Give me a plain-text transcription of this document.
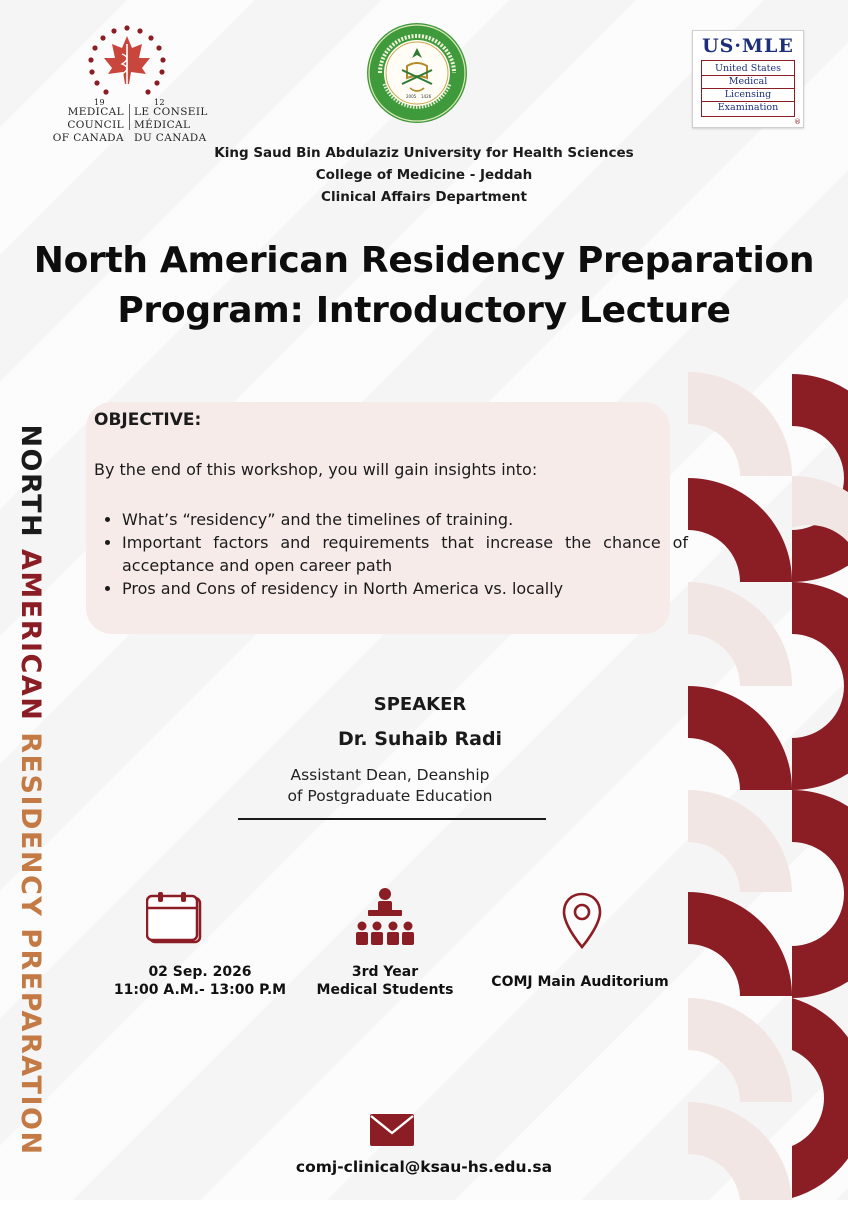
19	12
MEDICAL COUNCIL
OF CANADA
LE CONSEIL MÉDICAL
DU CANADA
2005 1426
US·MLE
United States
Medical
Licensing
Examination
®
King Saud Bin Abdulaziz University for Health Sciences
College of Medicine - Jeddah
Clinical Affairs Department
North American Residency Preparation
Program: Introductory Lecture
NORTH AMERICAN RESIDENCY PREPARATION
OBJECTIVE:
By the end of this workshop, you will gain insights into:
• What’s “residency” and the timelines of training.
• Important factors and requirements that increase the chance of acceptance and open career path
• Pros and Cons of residency in North America vs. locally
SPEAKER
Dr. Suhaib Radi
Assistant Dean, Deanship
of Postgraduate Education
02 Sep. 2026
11:00 A.M.- 13:00 P.M
3rd Year
Medical Students	COMJ Main Auditorium
comj-clinical@ksau-hs.edu.sa
